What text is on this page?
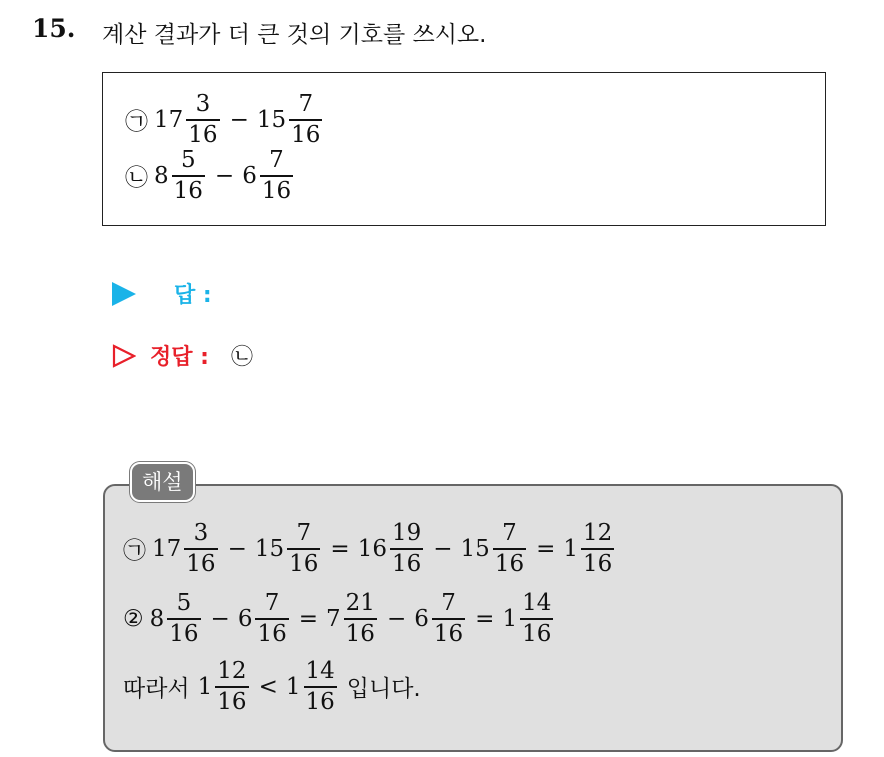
15. 계산 결과가 더 큰 것의 기호를 쓰시오.
㉠ $17 \frac{3}{16} - 15 \frac{7}{16}$
㉡ $8 \frac{5}{16} - 6 \frac{7}{16}$
답 :
정답 : ㉡
㉠ $17 \frac{3}{16} - 15 \frac{7}{16} = 16 \frac{19}{16} - 15 \frac{7}{16} = 1 \frac{12}{16}$
② $8 \frac{5}{16} - 6 \frac{7}{16} = 7 \frac{21}{16} - 6 \frac{7}{16} = 1 \frac{14}{16}$
따라서 $1 \frac{12}{16} < 1 \frac{14}{16}$ 입니다.
해설
